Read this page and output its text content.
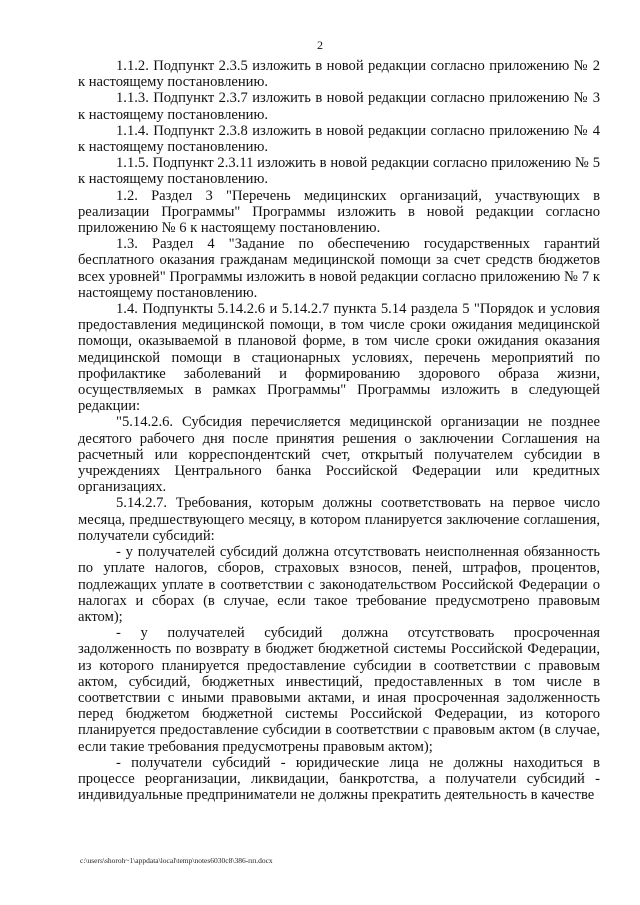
2

1.1.2. Подпункт 2.3.5 изложить в новой редакции согласно приложению № 2 к настоящему постановлению.

1.1.3. Подпункт 2.3.7 изложить в новой редакции согласно приложению № 3 к настоящему постановлению.

1.1.4. Подпункт 2.3.8 изложить в новой редакции согласно приложению № 4 к настоящему постановлению.

1.1.5. Подпункт 2.3.11 изложить в новой редакции согласно приложению № 5 к настоящему постановлению.

1.2. Раздел 3 "Перечень медицинских организаций, участвующих в реализации Программы" Программы изложить в новой редакции согласно приложению № 6 к настоящему постановлению.

1.3. Раздел 4 "Задание по обеспечению государственных гарантий бесплатного оказания гражданам медицинской помощи за счет средств бюджетов всех уровней" Программы изложить в новой редакции согласно приложению № 7 к настоящему постановлению.

1.4. Подпункты 5.14.2.6 и 5.14.2.7 пункта 5.14 раздела 5 "Порядок и условия предоставления медицинской помощи, в том числе сроки ожидания медицинской помощи, оказываемой в плановой форме, в том числе сроки ожидания оказания медицинской помощи в стационарных условиях, перечень мероприятий по профилактике заболеваний и формированию здорового образа жизни, осуществляемых в рамках Программы" Программы изложить в следующей редакции:

"5.14.2.6. Субсидия перечисляется медицинской организации не позднее десятого рабочего дня после принятия решения о заключении Соглашения на расчетный или корреспондентский счет, открытый получателем субсидии в учреждениях Центрального банка Российской Федерации или кредитных организациях.

5.14.2.7. Требования, которым должны соответствовать на первое число месяца, предшествующего месяцу, в котором планируется заключение соглашения, получатели субсидий:

- у получателей субсидий должна отсутствовать неисполненная обязанность по уплате налогов, сборов, страховых взносов, пеней, штрафов, процентов, подлежащих уплате в соответствии с законодательством Российской Федерации о налогах и сборах (в случае, если такое требование предусмотрено правовым актом);

- у получателей субсидий должна отсутствовать просроченная задолженность по возврату в бюджет бюджетной системы Российской Федерации, из которого планируется предоставление субсидии в соответствии с правовым актом, субсидий, бюджетных инвестиций, предоставленных в том числе в соответствии с иными правовыми актами, и иная просроченная задолженность перед бюджетом бюджетной системы Российской Федерации, из которого планируется предоставление субсидии в соответствии с правовым актом (в случае, если такие требования предусмотрены правовым актом);

- получатели субсидий - юридические лица не должны находиться в процессе реорганизации, ликвидации, банкротства, а получатели субсидий - индивидуальные предприниматели не должны прекратить деятельность в качестве

c:\users\shoroh~1\appdata\local\temp\notes6030c8\386-пп.docx
